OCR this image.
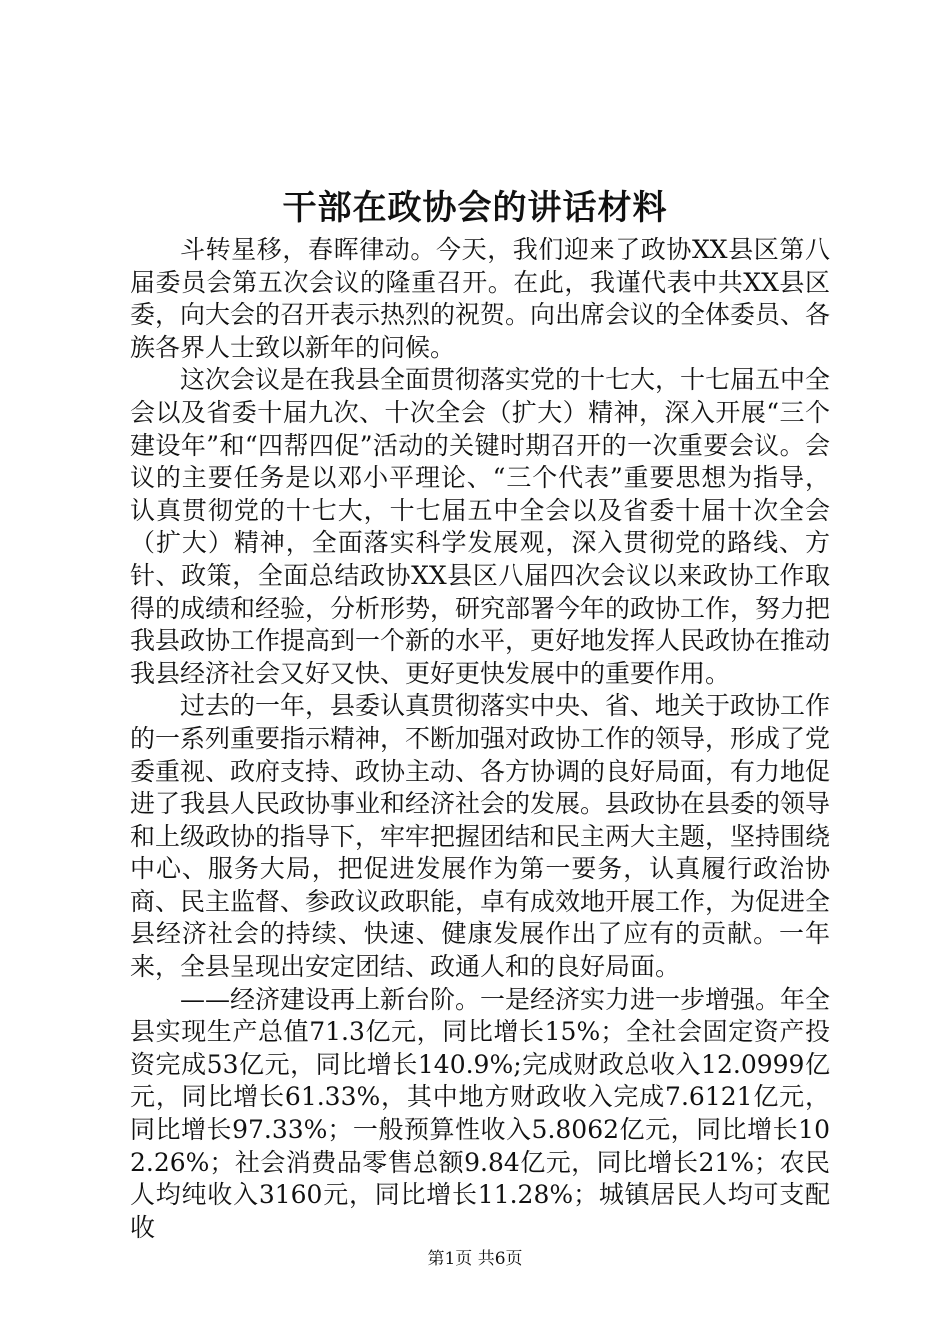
干部在政协会的讲话材料

斗转星移，春晖律动。今天，我们迎来了政协XX县区第八届委员会第五次会议的隆重召开。在此，我谨代表中共XX县区委，向大会的召开表示热烈的祝贺。向出席会议的全体委员、各族各界人士致以新年的问候。

这次会议是在我县全面贯彻落实党的十七大，十七届五中全会以及省委十届九次、十次全会（扩大）精神，深入开展“三个建设年”和“四帮四促”活动的关键时期召开的一次重要会议。会议的主要任务是以邓小平理论、“三个代表”重要思想为指导，认真贯彻党的十七大，十七届五中全会以及省委十届十次全会（扩大）精神，全面落实科学发展观，深入贯彻党的路线、方针、政策，全面总结政协XX县区八届四次会议以来政协工作取得的成绩和经验，分析形势，研究部署今年的政协工作，努力把我县政协工作提高到一个新的水平，更好地发挥人民政协在推动我县经济社会又好又快、更好更快发展中的重要作用。

过去的一年，县委认真贯彻落实中央、省、地关于政协工作的一系列重要指示精神，不断加强对政协工作的领导，形成了党委重视、政府支持、政协主动、各方协调的良好局面，有力地促进了我县人民政协事业和经济社会的发展。县政协在县委的领导和上级政协的指导下，牢牢把握团结和民主两大主题，坚持围绕中心、服务大局，把促进发展作为第一要务，认真履行政治协商、民主监督、参政议政职能，卓有成效地开展工作，为促进全县经济社会的持续、快速、健康发展作出了应有的贡献。一年来，全县呈现出安定团结、政通人和的良好局面。

——经济建设再上新台阶。一是经济实力进一步增强。年全县实现生产总值71.3亿元，同比增长15%；全社会固定资产投资完成53亿元，同比增长140.9%;完成财政总收入12.0999亿元，同比增长61.33%，其中地方财政收入完成7.6121亿元，同比增长97.33%；一般预算性收入5.8062亿元，同比增长102.26%；社会消费品零售总额9.84亿元，同比增长21%；农民人均纯收入3160元，同比增长11.28%；城镇居民人均可支配收

第1页 共6页
